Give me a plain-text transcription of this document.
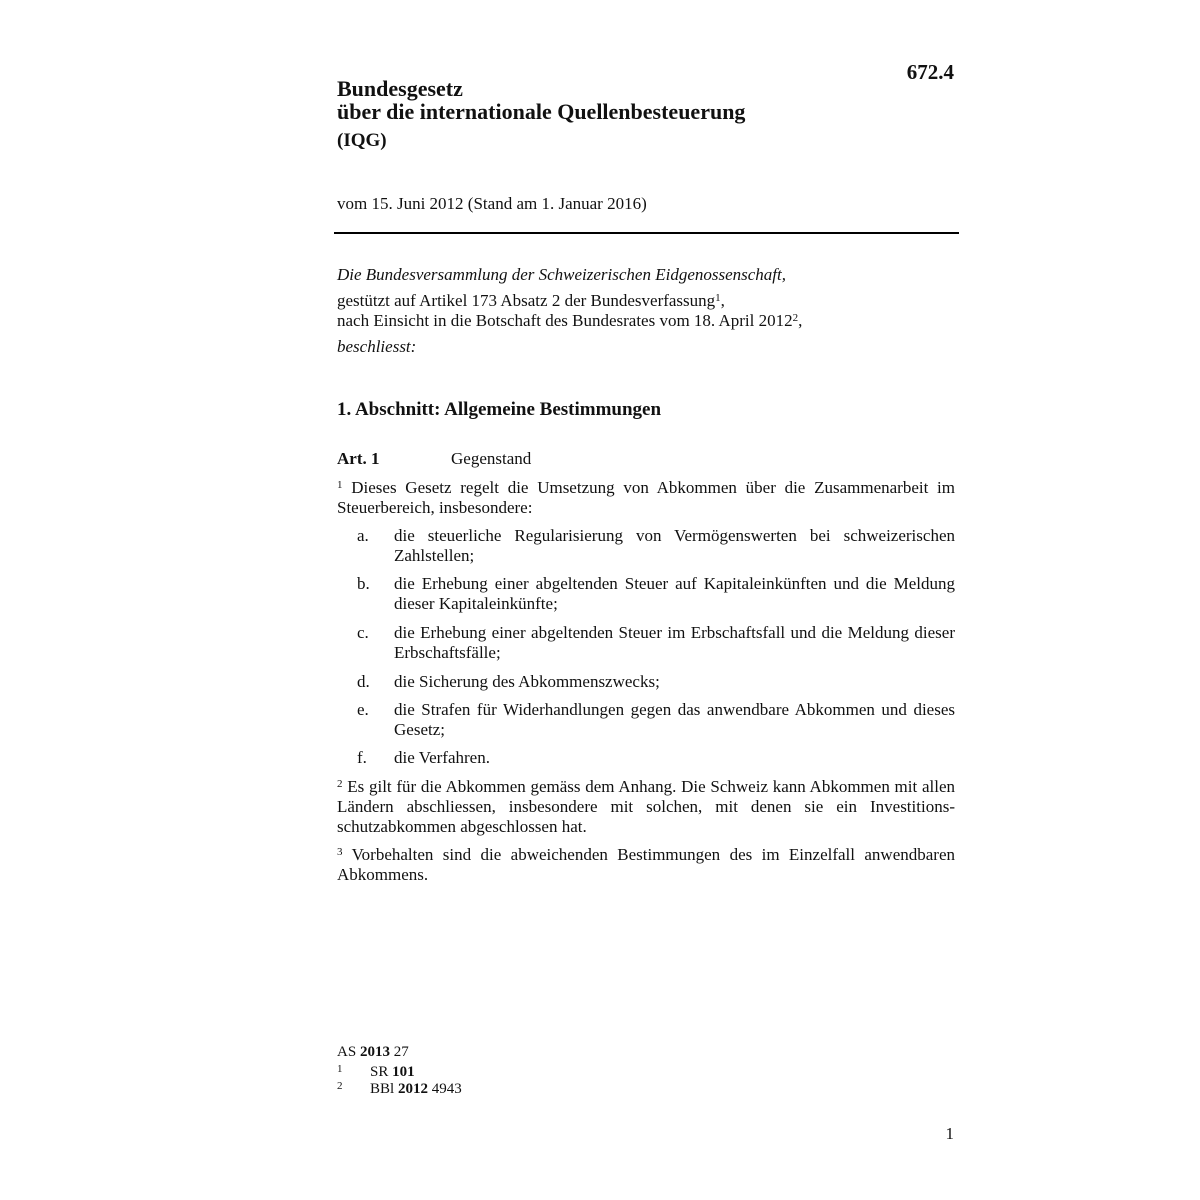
672.4
Bundesgesetz
über die internationale Quellenbesteuerung
(IQG)
vom 15. Juni 2012 (Stand am 1. Januar 2016)
Die Bundesversammlung der Schweizerischen Eidgenossenschaft,
gestützt auf Artikel 173 Absatz 2 der Bundesverfassung$^1$,
nach Einsicht in die Botschaft des Bundesrates vom 18. April 2012$^2$,
beschliesst:
1. Abschnitt: Allgemeine Bestimmungen
Art. 1	Gegenstand
$^1$ Dieses Gesetz regelt die Umsetzung von Abkommen über die Zusammenarbeit im Steuerbereich, insbesondere:
a.	die steuerliche Regularisierung von Vermögenswerten bei schweizerischen Zahlstellen;
b.	die Erhebung einer abgeltenden Steuer auf Kapitaleinkünften und die Meldung dieser Kapitaleinkünfte;
c.	die Erhebung einer abgeltenden Steuer im Erbschaftsfall und die Meldung dieser Erbschaftsfälle;
d.	die Sicherung des Abkommenszwecks;
e.	die Strafen für Widerhandlungen gegen das anwendbare Abkommen und dieses Gesetz;
f.	die Verfahren.
$^2$ Es gilt für die Abkommen gemäss dem Anhang. Die Schweiz kann Abkommen mit allen Ländern abschliessen, insbesondere mit solchen, mit denen sie ein Investitionsschutzabkommen abgeschlossen hat.
$^3$ Vorbehalten sind die abweichenden Bestimmungen des im Einzelfall anwendbaren Abkommens.
AS 2013 27
1 SR 101
2 BBl 2012 4943
1
